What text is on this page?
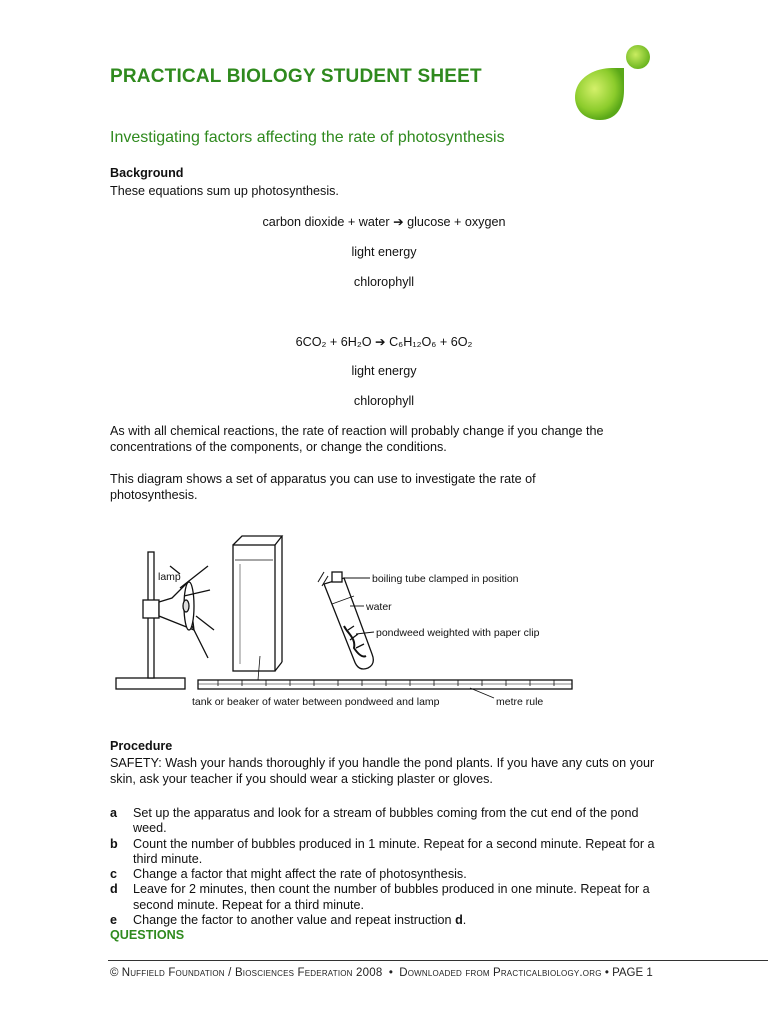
PRACTICAL BIOLOGY STUDENT SHEET
Investigating factors affecting the rate of photosynthesis
Background
These equations sum up photosynthesis.
carbon dioxide + water ➔ glucose + oxygen
light energy
chlorophyll
6CO₂ + 6H₂O ➔ C₆H₁₂O₆ + 6O₂
light energy
chlorophyll
As with all chemical reactions, the rate of reaction will probably change if you change the concentrations of the components, or change the conditions.
This diagram shows a set of apparatus you can use to investigate the rate of photosynthesis.
lamp	boiling tube clamped in position
water
pondweed weighted with paper clip
tank or beaker of water between pondweed and lamp	metre rule
Procedure
SAFETY: Wash your hands thoroughly if you handle the pond plants. If you have any cuts on your skin, ask your teacher if you should wear a sticking plaster or gloves.
a	Set up the apparatus and look for a stream of bubbles coming from the cut end of the pond weed.
b	Count the number of bubbles produced in 1 minute. Repeat for a second minute. Repeat for a third minute.
c	Change a factor that might affect the rate of photosynthesis.
d	Leave for 2 minutes, then count the number of bubbles produced in one minute. Repeat for a second minute. Repeat for a third minute.
e	Change the factor to another value and repeat instruction d.
QUESTIONS
© Nuffield Foundation / Biosciences Federation 2008 • Downloaded from Practicalbiology.org • PAGE 1
